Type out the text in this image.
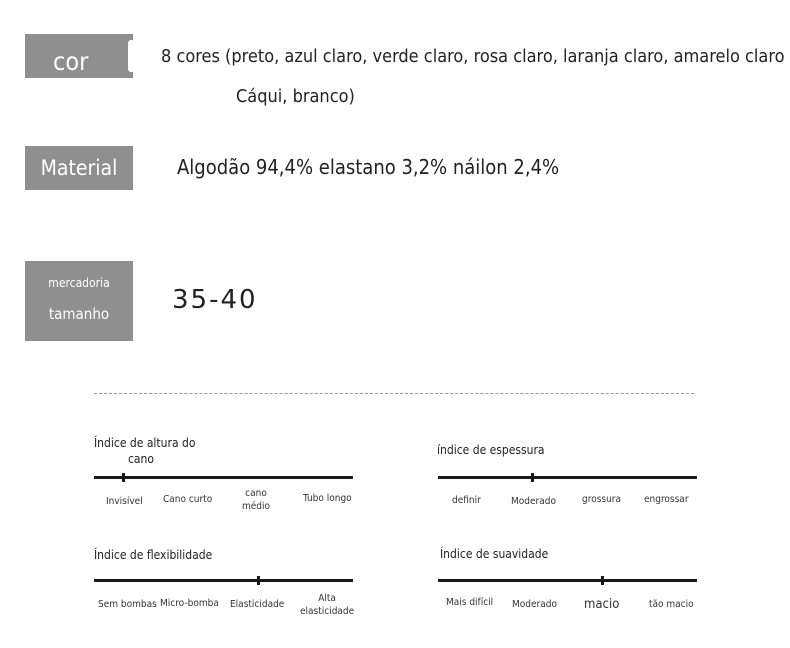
cor	8 cores (preto, azul claro, verde claro, rosa claro, laranja claro, amarelo claro
Cáqui, branco)
Material	Algodão 94,4% elastano 3,2% náilon 2,4%
mercadoria
tamanho 35-40
Índice de altura do
cano
Invisível Cano curto
cano
médio
Tubo longo
índice de espessura
definir	Moderado	grossura engrossar
Índice de flexibilidade
Sem bombas Micro-bomba Elasticidade
Alta
elasticidade
Índice de suavidade
Mais difícil Moderado macio	tão macio
